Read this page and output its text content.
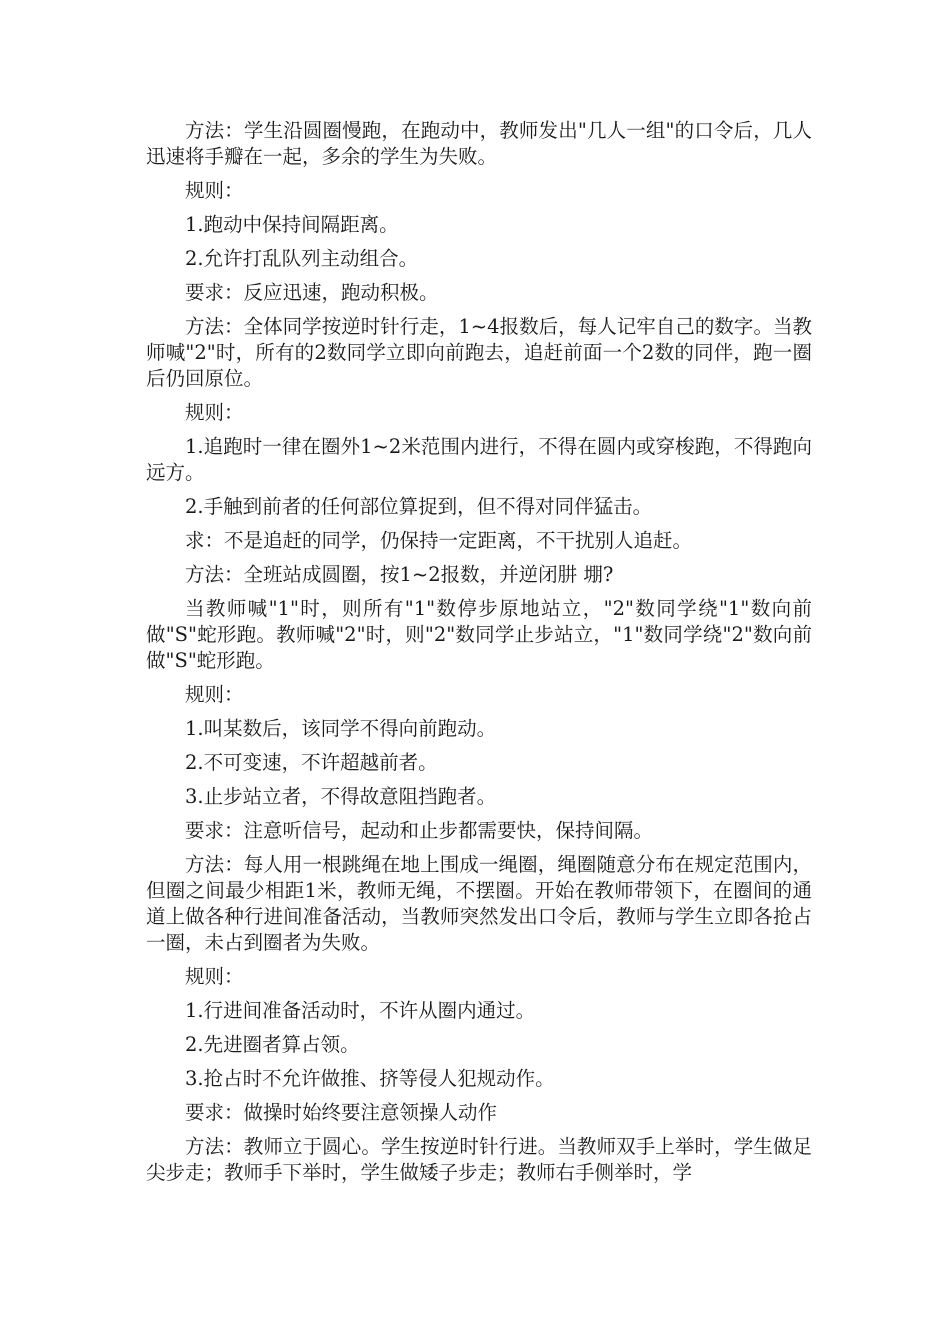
方法：学生沿圆圈慢跑，在跑动中，教师发出"几人一组"的口令后，几人迅速将手瓣在一起，多余的学生为失败。

规则：

1.跑动中保持间隔距离。

2.允许打乱队列主动组合。

要求：反应迅速，跑动积极。

方法：全体同学按逆时针行走，1~4报数后，每人记牢自己的数字。当教师喊"2"时，所有的2数同学立即向前跑去，追赶前面一个2数的同伴，跑一圈后仍回原位。

规则：

1.追跑时一律在圈外1~2米范围内进行，不得在圆内或穿梭跑，不得跑向远方。

2.手触到前者的任何部位算捉到，但不得对同伴猛击。

求：不是追赶的同学，仍保持一定距离，不干扰别人追赶。

方法：全班站成圆圈，按1~2报数，并逆闭肼 堋?

当教师喊"1"时，则所有"1"数停步原地站立，"2"数同学绕"1"数向前做"S"蛇形跑。教师喊"2"时，则"2"数同学止步站立，"1"数同学绕"2"数向前做"S"蛇形跑。

规则：

1.叫某数后，该同学不得向前跑动。

2.不可变速，不许超越前者。

3.止步站立者，不得故意阻挡跑者。

要求：注意听信号，起动和止步都需要快，保持间隔。

方法：每人用一根跳绳在地上围成一绳圈，绳圈随意分布在规定范围内，但圈之间最少相距1米，教师无绳，不摆圈。开始在教师带领下，在圈间的通道上做各种行进间准备活动，当教师突然发出口令后，教师与学生立即各抢占一圈，未占到圈者为失败。

规则：

1.行进间准备活动时，不许从圈内通过。

2.先进圈者算占领。

3.抢占时不允许做推、挤等侵人犯规动作。

要求：做操时始终要注意领操人动作

方法：教师立于圆心。学生按逆时针行进。当教师双手上举时，学生做足尖步走；教师手下举时，学生做矮子步走；教师右手侧举时，学
